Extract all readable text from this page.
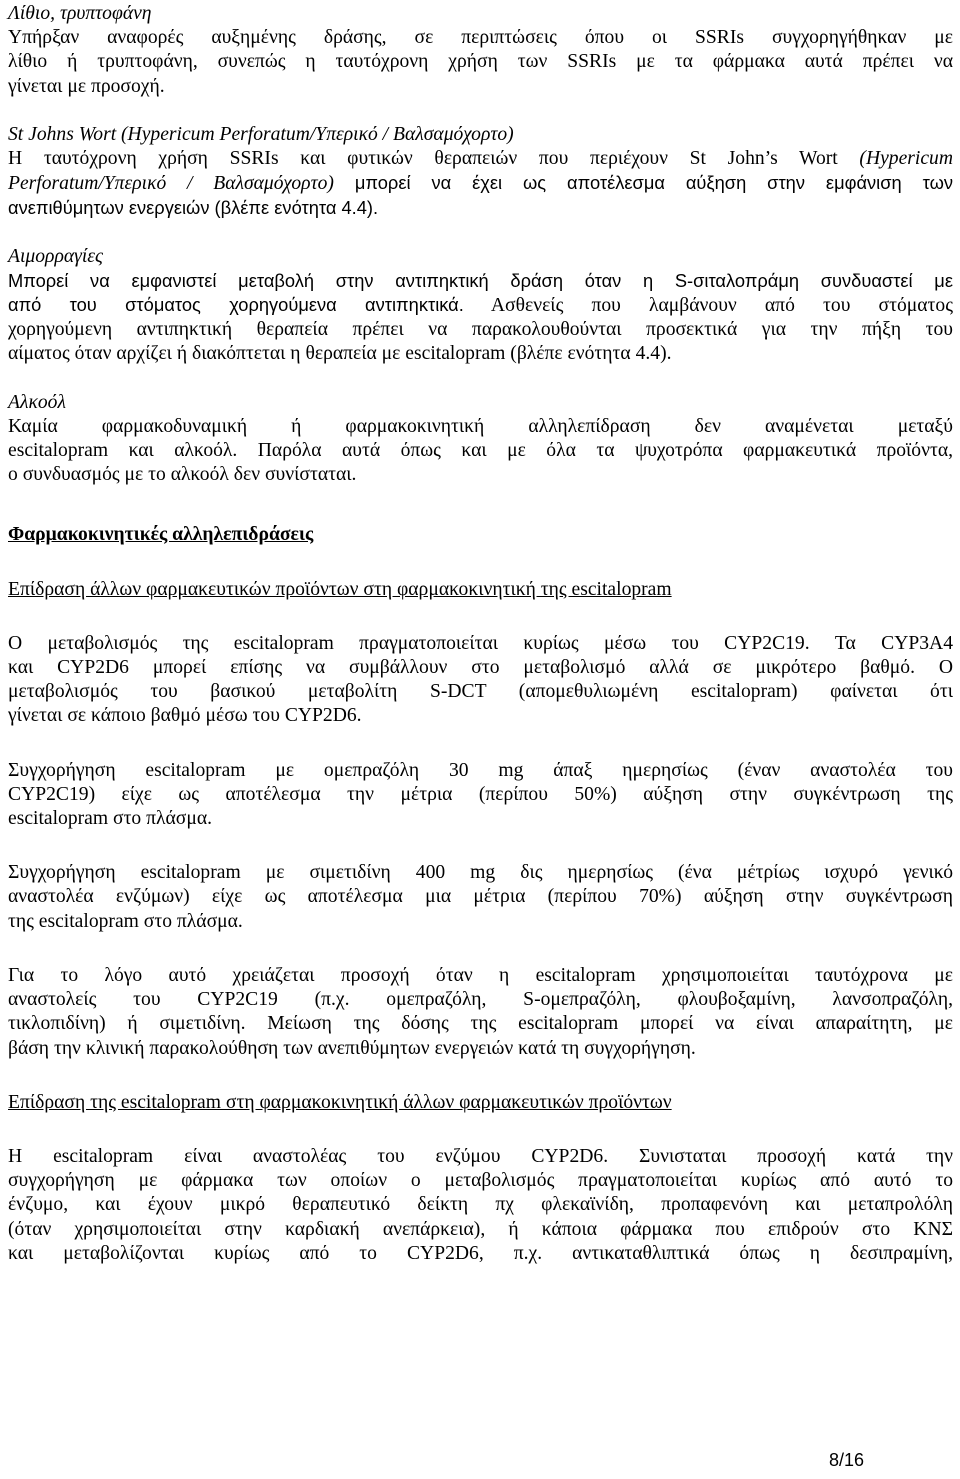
Λίθιο, τρυπτοφάνη
Υπήρξαν αναφορές αυξημένης δράσης, σε περιπτώσεις όπου οι SSRIs συγχορηγήθηκαν με
λίθιο ή τρυπτοφάνη, συνεπώς η ταυτόχρονη χρήση των SSRIs με τα φάρμακα αυτά πρέπει να
γίνεται με προσοχή.
St Johns Wort (Hypericum Perforatum/Υπερικό / Βαλσαμόχορτο)
Η ταυτόχρονη χρήση SSRIs και φυτικών θεραπειών που περιέχουν St John’s Wort (Hypericum
Perforatum/Υπερικό / Βαλσαμόχορτο) μπορεί να έχει ως αποτέλεσμα αύξηση στην εμφάνιση των
ανεπιθύμητων ενεργειών (βλέπε ενότητα 4.4).
Αιμορραγίες
Μπορεί να εμφανιστεί μεταβολή στην αντιπηκτική δράση όταν η S-σιταλοπράμη συνδυαστεί με
από του στόματος χορηγούμενα αντιπηκτικά. Ασθενείς που λαμβάνουν από του στόματος
χορηγούμενη αντιπηκτική θεραπεία πρέπει να παρακολουθούνται προσεκτικά για την πήξη του
αίματος όταν αρχίζει ή διακόπτεται η θεραπεία με escitalopram (βλέπε ενότητα 4.4).
Αλκοόλ
Καμία φαρμακοδυναμική ή φαρμακοκινητική αλληλεπίδραση δεν αναμένεται μεταξύ
escitalopram και αλκοόλ. Παρόλα αυτά όπως και με όλα τα ψυχοτρόπα φαρμακευτικά προϊόντα,
ο συνδυασμός με το αλκοόλ δεν συνίσταται.
Φαρμακοκινητικές αλληλεπιδράσεις
Επίδραση άλλων φαρμακευτικών προϊόντων στη φαρμακοκινητική της escitalopram
Ο μεταβολισμός της escitalopram πραγματοποιείται κυρίως μέσω του CYP2C19. Τα CYP3A4
και CYP2D6 μπορεί επίσης να συμβάλλουν στο μεταβολισμό αλλά σε μικρότερο βαθμό. Ο
μεταβολισμός του βασικού μεταβολίτη S-DCT (απομεθυλιωμένη escitalopram) φαίνεται ότι
γίνεται σε κάποιο βαθμό μέσω του CYP2D6.
Συγχορήγηση escitalopram με ομεπραζόλη 30 mg άπαξ ημερησίως (έναν αναστολέα του
CYP2C19) είχε ως αποτέλεσμα την μέτρια (περίπου 50%) αύξηση στην συγκέντρωση της
escitalopram στο πλάσμα.
Συγχορήγηση escitalopram με σιμετιδίνη 400 mg δις ημερησίως (ένα μέτρίως ισχυρό γενικό
αναστολέα ενζύμων) είχε ως αποτέλεσμα μια μέτρια (περίπου 70%) αύξηση στην συγκέντρωση
της escitalopram στο πλάσμα.
Για το λόγο αυτό χρειάζεται προσοχή όταν η escitalopram χρησιμοποιείται ταυτόχρονα με
αναστολείς του CYP2C19 (π.χ. ομεπραζόλη, S-ομεπραζόλη, φλουβοξαμίνη, λανσοπραζόλη,
τικλοπιδίνη) ή σιμετιδίνη. Μείωση της δόσης της escitalopram μπορεί να είναι απαραίτητη, με
βάση την κλινική παρακολούθηση των ανεπιθύμητων ενεργειών κατά τη συγχορήγηση.
Επίδραση της escitalopram στη φαρμακοκινητική άλλων φαρμακευτικών προϊόντων
Η escitalopram είναι αναστολέας του ενζύμου CYP2D6. Συνισταται προσοχή κατά την
συγχορήγηση με φάρμακα των οποίων ο μεταβολισμός πραγματοποιείται κυρίως από αυτό το
ένζυμο, και έχουν μικρό θεραπευτικό δείκτη πχ φλεκαϊνίδη, προπαφενόνη και μεταπρολόλη
(όταν χρησιμοποιείται στην καρδιακή ανεπάρκεια), ή κάποια φάρμακα που επιδρούν στο ΚΝΣ
και μεταβολίζονται κυρίως από το CYP2D6, π.χ. αντικαταθλιπτικά όπως η δεσιπραμίνη,
8/16
